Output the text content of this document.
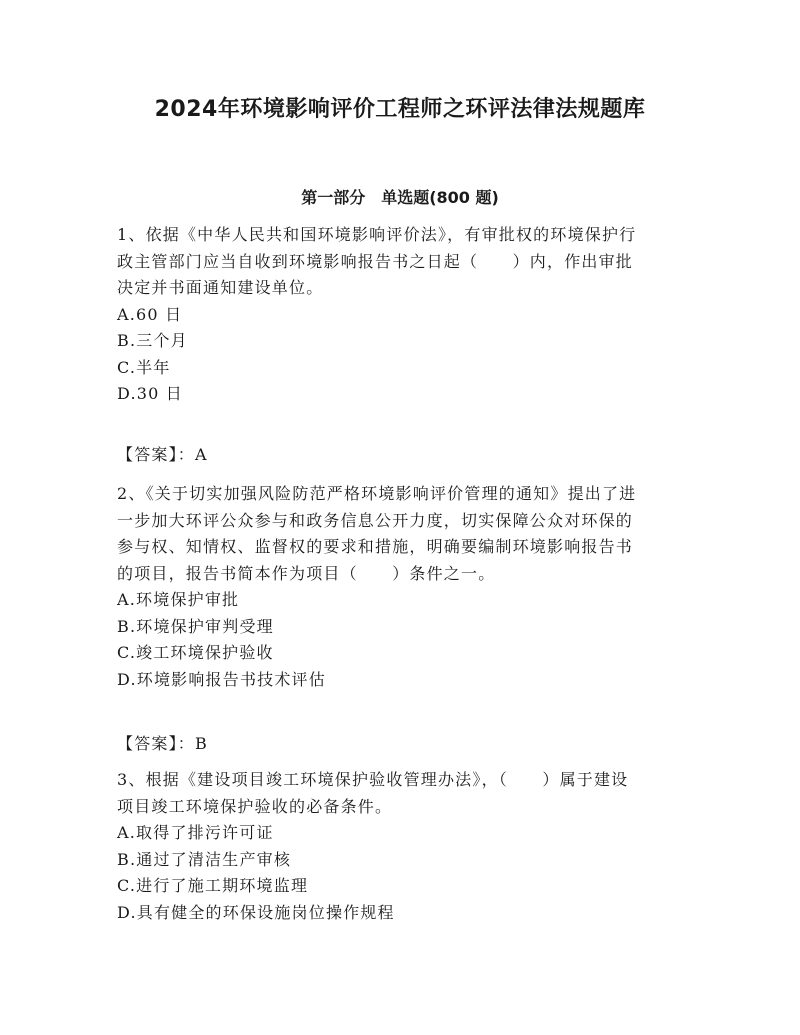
2024年环境影响评价工程师之环评法律法规题库
第一部分　单选题(800 题)
1、依据《中华人民共和国环境影响评价法》，有审批权的环境保护行
政主管部门应当自收到环境影响报告书之日起（　　）内，作出审批
决定并书面通知建设单位。
A.60 日
B.三个月
C.半年
D.30 日
【答案】：A
2、《关于切实加强风险防范严格环境影响评价管理的通知》提出了进
一步加大环评公众参与和政务信息公开力度，切实保障公众对环保的
参与权、知情权、监督权的要求和措施，明确要编制环境影响报告书
的项目，报告书简本作为项目（　　）条件之一。
A.环境保护审批
B.环境保护审判受理
C.竣工环境保护验收
D.环境影响报告书技术评估
【答案】：B
3、根据《建设项目竣工环境保护验收管理办法》，（　　）属于建设
项目竣工环境保护验收的必备条件。
A.取得了排污许可证
B.通过了清洁生产审核
C.进行了施工期环境监理
D.具有健全的环保设施岗位操作规程
